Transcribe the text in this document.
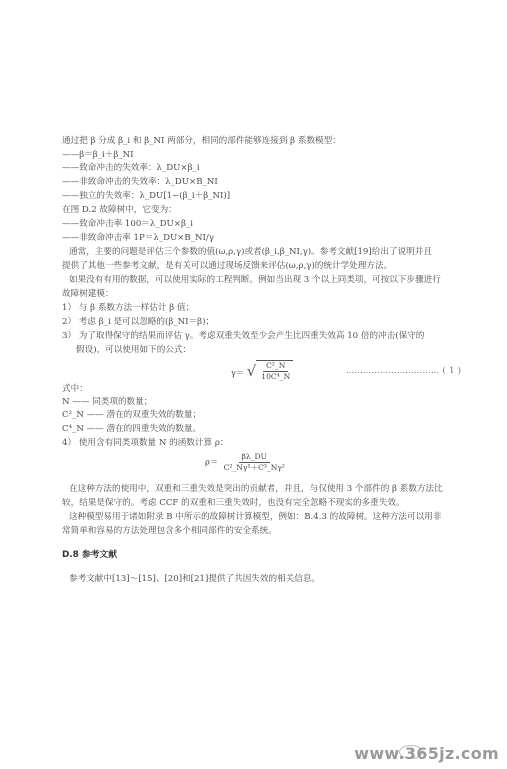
通过把 β 分成 β_i 和 β_NI 两部分，相同的部件能够连接到 β 系数模型：
——β＝β_i＋β_NI
——致命冲击的失效率：λ_DU×β_i
——非致命冲击的失效率：λ_DU×B_NI
——独立的失效率：λ_DU[1−(β_i＋β_NI)]
在图 D.2 故障树中，它变为：
——致命冲击率 100＝λ_DU×β_i
——非致命冲击率 1P＝λ_DU×B_NI/γ
通常，主要的问题是评估三个参数的值(ω,ρ,γ)或者(β_i,β_NI,γ)。参考文献[19]给出了说明并且
提供了其他一些参考文献，是有关可以通过现场反馈来评估(ω,ρ,γ)的统计学处理方法。
如果没有有用的数据，可以使用实际的工程判断。例如当出现 3 个以上同类项，可按以下步骤进行
故障树建模：
1） 与 β 系数方法一样估计 β 值；
2） 考虑 β_i 是可以忽略的(β_NI＝β)；
3） 为了取得保守的结果而评估 γ。考虑双重失效至少会产生比四重失效高 10 倍的冲击(保守的
假设)，可以使用如下的公式：
γ＝ √ $\frac{\text{C²\_N}}{\text{10C⁴\_N}}$	…………………………… ( 1 )
式中：
N —— 同类项的数量；
C²_N —— 潜在的双重失效的数量；
C⁴_N —— 潜在的四重失效的数量。
4） 使用含有同类项数量 N 的函数计算 ρ：
$\rho= \frac{\beta\lambda\_DU}{\text{C²\_Nγ¹＋C³\_Nγ²}}$
在这种方法的使用中，双重和三重失效是突出的贡献者，并且，与仅使用 3 个部件的 β 系数方法比
较，结果是保守的。考虑 CCF 的双重和三重失效时，也没有完全忽略不现实的多重失效。
这种模型易用于诸如附录 B 中所示的故障树计算模型，例如：B.4.3 的故障树。这种方法可以用非
常简单和容易的方法处理包含多个相同部件的安全系统。
D.8 参考文献
参考文献中[13]～[15]、[20]和[21]提供了共因失效的相关信息。
www.365jz.com
